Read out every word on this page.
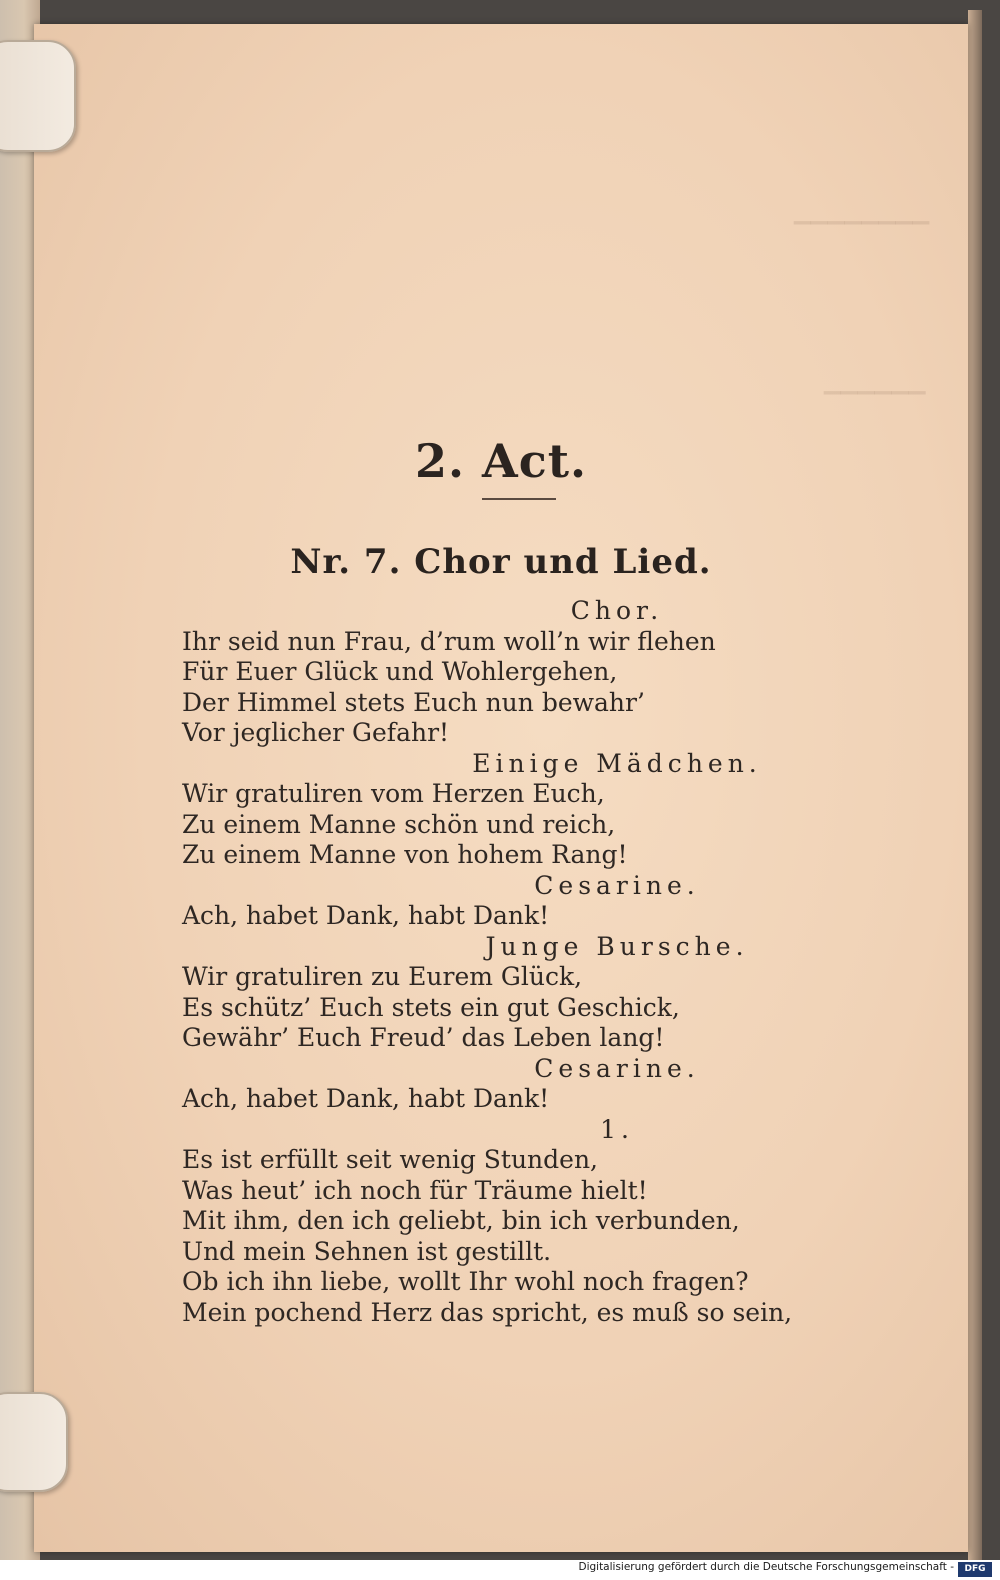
▁▁▁▁▁▁▁▁
▁▁▁▁▁▁
2. Act.
Nr. 7. Chor und Lied.
Chor.
Ihr seid nun Frau, d’rum woll’n wir flehen
Für Euer Glück und Wohlergehen,
Der Himmel stets Euch nun bewahr’
Vor jeglicher Gefahr!
Einige Mädchen.
Wir gratuliren vom Herzen Euch,
Zu einem Manne schön und reich,
Zu einem Manne von hohem Rang!
Cesarine.
Ach, habet Dank, habt Dank!
Junge Bursche.
Wir gratuliren zu Eurem Glück,
Es schütz’ Euch stets ein gut Geschick,
Gewähr’ Euch Freud’ das Leben lang!
Cesarine.
Ach, habet Dank, habt Dank!
1.
Es ist erfüllt seit wenig Stunden,
Was heut’ ich noch für Träume hielt!
Mit ihm, den ich geliebt, bin ich verbunden,
Und mein Sehnen ist gestillt.
Ob ich ihn liebe, wollt Ihr wohl noch fragen?
Mein pochend Herz das spricht, es muß so sein,
Digitalisierung gefördert durch die Deutsche Forschungsgemeinschaft -	DFG
